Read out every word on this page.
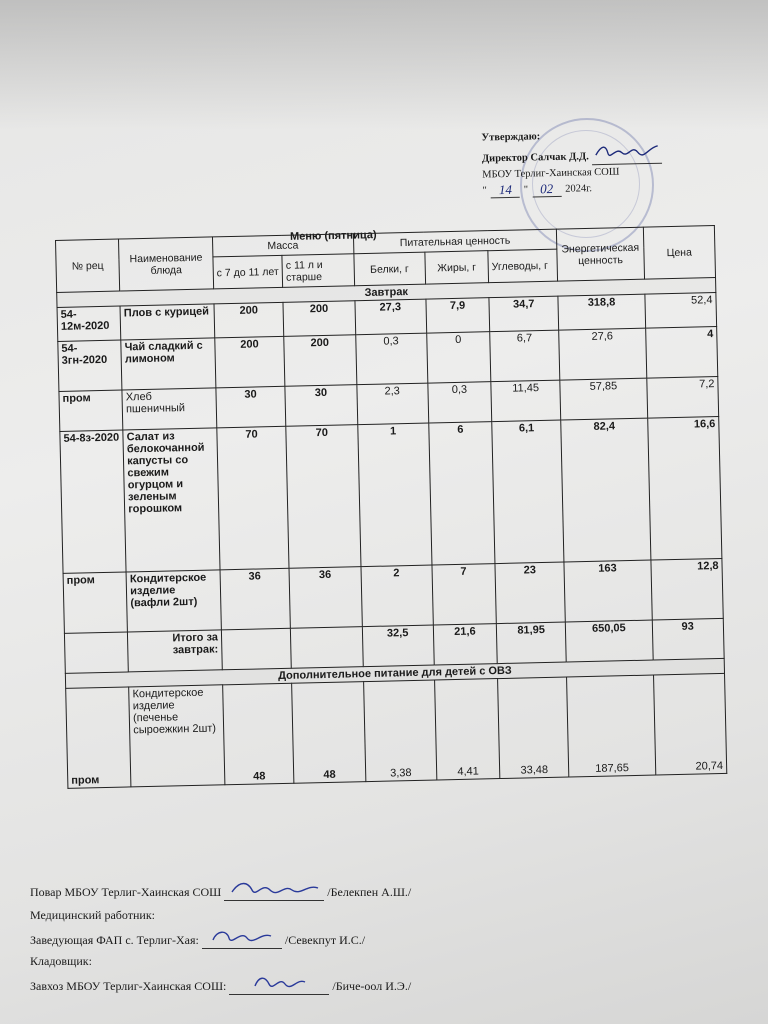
Утверждаю:
Директор Салчак Д.Д.
МБОУ Терлиг-Хаинская СОШ
" 14	" 02	2024г.
Меню (пятница)
№ рец	Наименование блюда	Масса		Питательная ценность			Энергетическая ценность	Цена
		с 7 до 11 лет	с 11 л и старше	Белки, г	Жиры, г	Углеводы, г		
Завтрак								
54-12м-2020	Плов с курицей	200	200	27,3	7,9	34,7	318,8	52,4
54-3гн-2020	Чай сладкий с лимоном	200	200	0,3	0	6,7	27,6	4
пром	Хлеб пшеничный	30	30	2,3	0,3	11,45	57,85	7,2
54-8з-2020	Салат из белокочанной капусты со свежим огурцом и зеленым горошком	70	70	1	6	6,1	82,4	16,6
пром	Кондитерское изделие (вафли 2шт)	36	36	2	7	23	163	12,8
	Итого за завтрак:			32,5	21,6	81,95	650,05	93
Дополнительное питание для детей с ОВЗ								
пром	Кондитерское изделие (печенье сыроежкин 2шт)	48	48	3,38	4,41	33,48	187,65	20,74
Повар МБОУ Терлиг-Хаинская СОШ	/Белекпен А.Ш./
Медицинский работник:
Заведующая ФАП с. Терлиг-Хая:	/Севекпут И.С./
Кладовщик:
Завхоз МБОУ Терлиг-Хаинская СОШ:	/Биче-оол И.Э./
